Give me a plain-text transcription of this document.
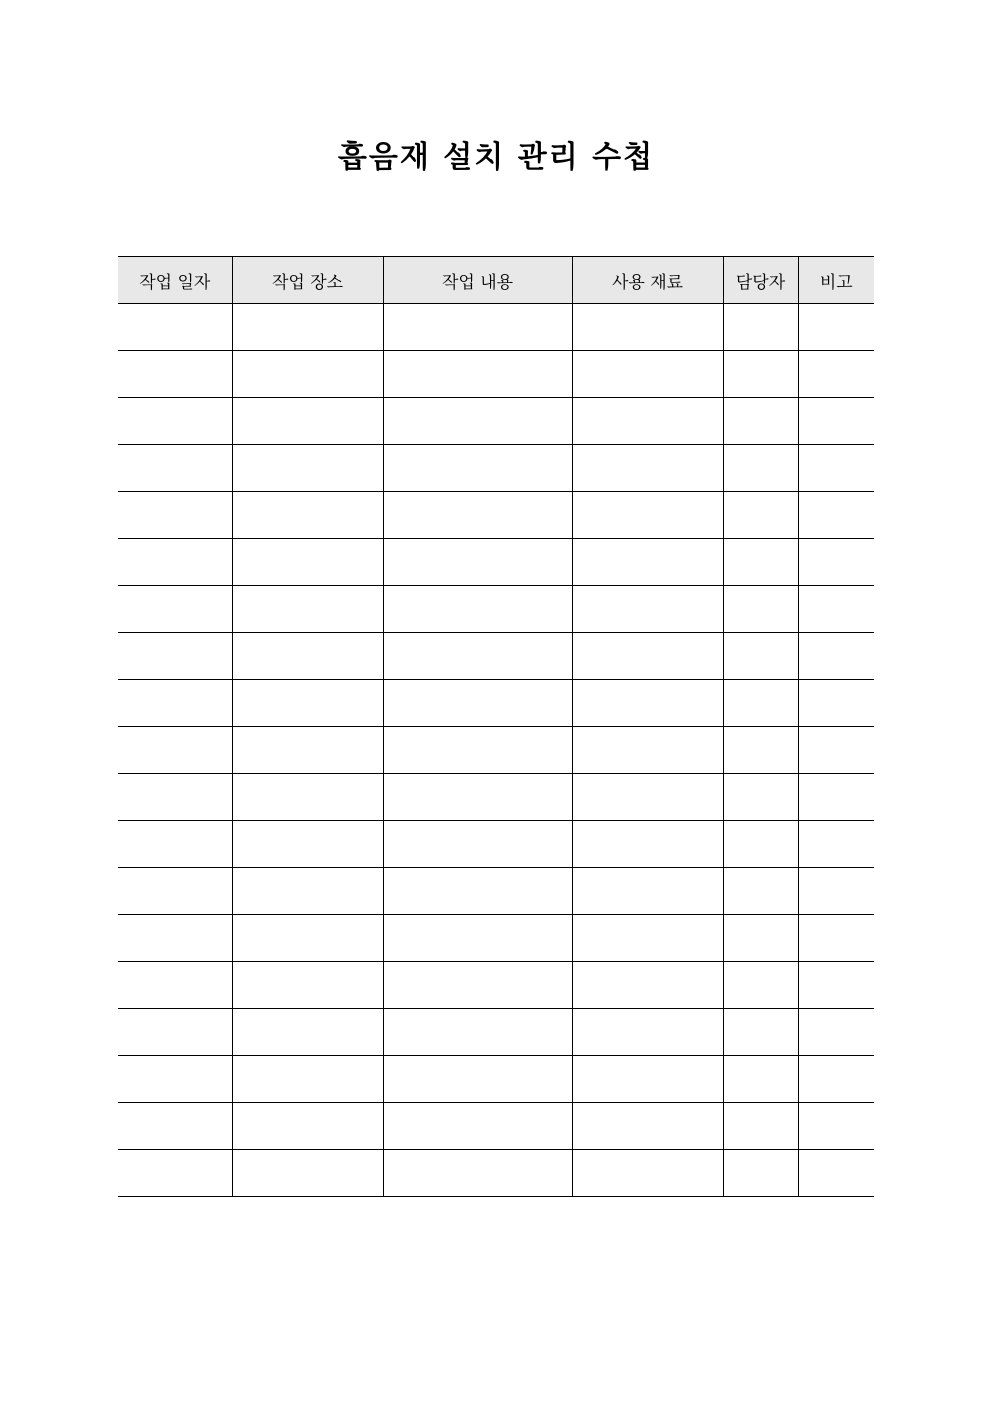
흡음재 설치 관리 수첩
작업 일자	작업 장소	작업 내용	사용 재료	담당자	비고
